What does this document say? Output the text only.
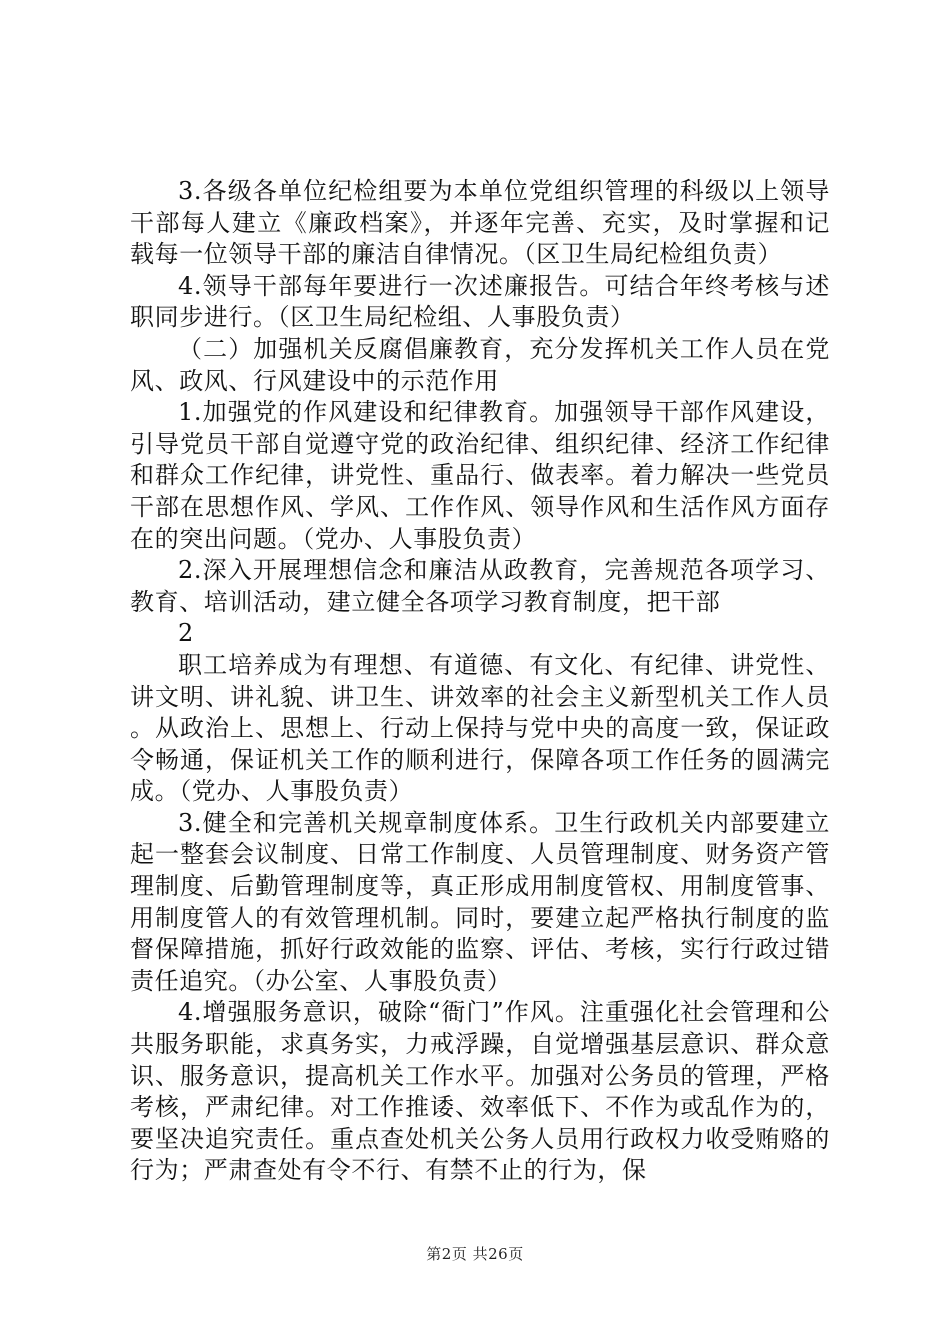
3.各级各单位纪检组要为本单位党组织管理的科级以上领导干部每人建立《廉政档案》，并逐年完善、充实，及时掌握和记载每一位领导干部的廉洁自律情况。（区卫生局纪检组负责）

4.领导干部每年要进行一次述廉报告。可结合年终考核与述职同步进行。（区卫生局纪检组、人事股负责）

（二）加强机关反腐倡廉教育，充分发挥机关工作人员在党风、政风、行风建设中的示范作用

1.加强党的作风建设和纪律教育。加强领导干部作风建设，引导党员干部自觉遵守党的政治纪律、组织纪律、经济工作纪律和群众工作纪律，讲党性、重品行、做表率。着力解决一些党员干部在思想作风、学风、工作作风、领导作风和生活作风方面存在的突出问题。（党办、人事股负责）

2.深入开展理想信念和廉洁从政教育，完善规范各项学习、教育、培训活动，建立健全各项学习教育制度，把干部

2

职工培养成为有理想、有道德、有文化、有纪律、讲党性、讲文明、讲礼貌、讲卫生、讲效率的社会主义新型机关工作人员。从政治上、思想上、行动上保持与党中央的高度一致，保证政令畅通，保证机关工作的顺利进行，保障各项工作任务的圆满完成。（党办、人事股负责）

3.健全和完善机关规章制度体系。卫生行政机关内部要建立起一整套会议制度、日常工作制度、人员管理制度、财务资产管理制度、后勤管理制度等，真正形成用制度管权、用制度管事、用制度管人的有效管理机制。同时，要建立起严格执行制度的监督保障措施，抓好行政效能的监察、评估、考核，实行行政过错责任追究。（办公室、人事股负责）

4.增强服务意识，破除“衙门”作风。注重强化社会管理和公共服务职能，求真务实，力戒浮躁，自觉增强基层意识、群众意识、服务意识，提高机关工作水平。加强对公务员的管理，严格考核，严肃纪律。对工作推诿、效率低下、不作为或乱作为的，要坚决追究责任。重点查处机关公务人员用行政权力收受贿赂的行为；严肃查处有令不行、有禁不止的行为，保

第2页 共26页
